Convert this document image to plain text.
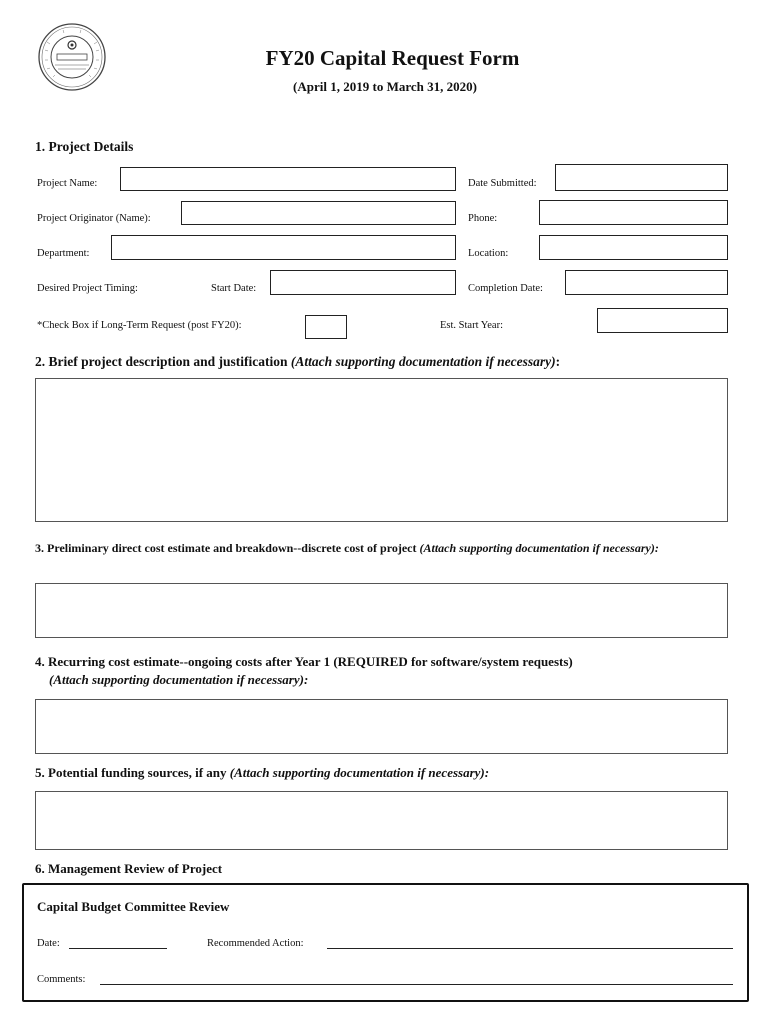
FY20 Capital Request Form
(April 1, 2019 to March 31, 2020)
1. Project Details
Project Name:	Date Submitted:
Project Originator (Name):	Phone:
Department:	Location:
Desired Project Timing:	Start Date:	Completion Date:
*Check Box if Long-Term Request (post FY20):	Est. Start Year:
2. Brief project description and justification (Attach supporting documentation if necessary):
3. Preliminary direct cost estimate and breakdown--discrete cost of project (Attach supporting documentation if necessary):
4. Recurring cost estimate--ongoing costs after Year 1 (REQUIRED for software/system requests)
(Attach supporting documentation if necessary):
5. Potential funding sources, if any (Attach supporting documentation if necessary):
6. Management Review of Project
Capital Budget Committee Review
Date:	Recommended Action:
Comments:
